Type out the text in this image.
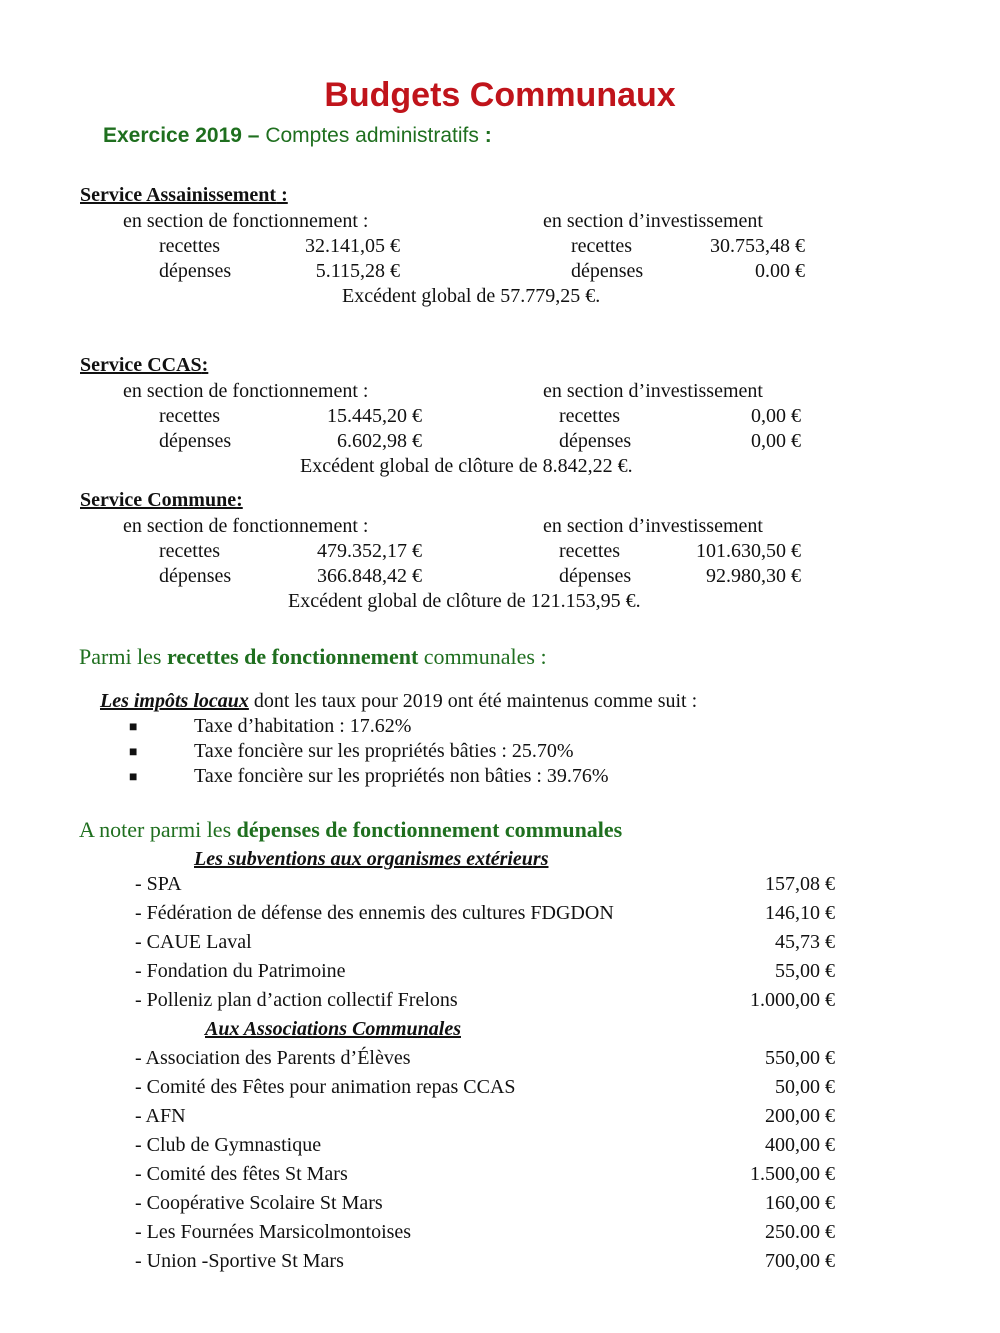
Budgets Communaux
Exercice 2019 – Comptes administratifs :
Service Assainissement :
en section de fonctionnement :	en section d’investissement
recettes	32.141,05 €	recettes	30.753,48 €
dépenses	5.115,28 €	dépenses	0.00 €
Excédent global de 57.779,25 €.
Service CCAS:
en section de fonctionnement :	en section d’investissement
recettes	15.445,20 €	recettes	0,00 €
dépenses	6.602,98 €	dépenses	0,00 €
Excédent global de clôture de 8.842,22 €.
Service Commune:
en section de fonctionnement :	en section d’investissement
recettes	479.352,17 €	recettes	101.630,50 €
dépenses	366.848,42 €	dépenses	92.980,30 €
Excédent global de clôture de 121.153,95 €.
Parmi les recettes de fonctionnement communales :
Les impôts locaux dont les taux pour 2019 ont été maintenus comme suit :
■	Taxe d’habitation : 17.62%
■	Taxe foncière sur les propriétés bâties : 25.70%
■	Taxe foncière sur les propriétés non bâties : 39.76%
A noter parmi les dépenses de fonctionnement communales
Les subventions aux organismes extérieurs
- SPA	157,08 €
- Fédération de défense des ennemis des cultures FDGDON	146,10 €
- CAUE Laval	45,73 €
- Fondation du Patrimoine	55,00 €
- Polleniz plan d’action collectif Frelons	1.000,00 €
Aux Associations Communales
- Association des Parents d’Élèves	550,00 €
- Comité des Fêtes pour animation repas CCAS	50,00 €
- AFN	200,00 €
- Club de Gymnastique	400,00 €
- Comité des fêtes St Mars	1.500,00 €
- Coopérative Scolaire St Mars	160,00 €
- Les Fournées Marsicolmontoises	250.00 €
- Union -Sportive St Mars	700,00 €
